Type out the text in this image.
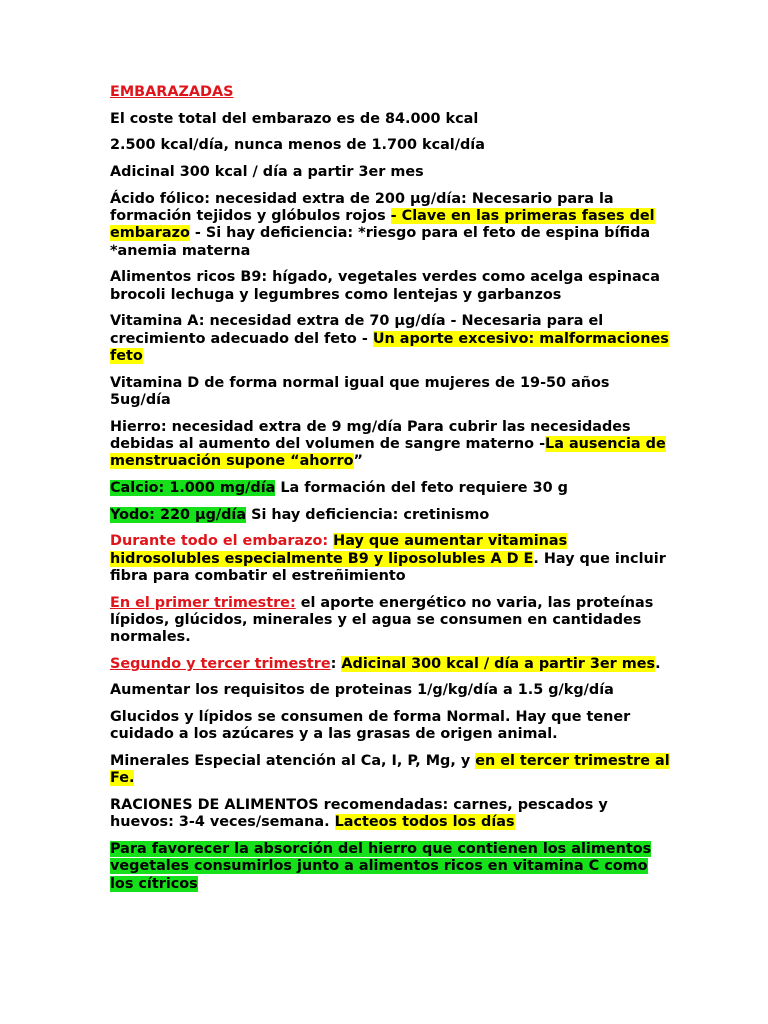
EMBARAZADAS

El coste total del embarazo es de 84.000 kcal

2.500 kcal/día, nunca menos de 1.700 kcal/día

Adicinal 300 kcal / día a partir 3er mes

Ácido fólico: necesidad extra de 200 μg/día: Necesario para la formación tejidos y glóbulos rojos - Clave en las primeras fases del embarazo - Si hay deficiencia: *riesgo para el feto de espina bífida *anemia materna

Alimentos ricos B9: hígado, vegetales verdes como acelga espinaca brocoli lechuga y legumbres como lentejas y garbanzos

Vitamina A: necesidad extra de 70 μg/día - Necesaria para el crecimiento adecuado del feto - Un aporte excesivo: malformaciones feto

Vitamina D de forma normal igual que mujeres de 19-50 años 5ug/día

Hierro: necesidad extra de 9 mg/día Para cubrir las necesidades debidas al aumento del volumen de sangre materno -La ausencia de menstruación supone “ahorro”

Calcio: 1.000 mg/día La formación del feto requiere 30 g

Yodo: 220 μg/día Si hay deficiencia: cretinismo

Durante todo el embarazo: Hay que aumentar vitaminas hidrosolubles especialmente B9 y liposolubles A D E. Hay que incluir fibra para combatir el estreñimiento

En el primer trimestre: el aporte energético no varia, las proteínas lípidos, glúcidos, minerales y el agua se consumen en cantidades normales.

Segundo y tercer trimestre: Adicinal 300 kcal / día a partir 3er mes.

Aumentar los requisitos de proteinas 1/g/kg/día a 1.5 g/kg/día

Glucidos y lípidos se consumen de forma Normal. Hay que tener cuidado a los azúcares y a las grasas de origen animal.

Minerales Especial atención al Ca, I, P, Mg, y en el tercer trimestre al Fe.

RACIONES DE ALIMENTOS recomendadas: carnes, pescados y huevos: 3-4 veces/semana. Lacteos todos los días

Para favorecer la absorción del hierro que contienen los alimentos vegetales consumirlos junto a alimentos ricos en vitamina C como los cítricos
